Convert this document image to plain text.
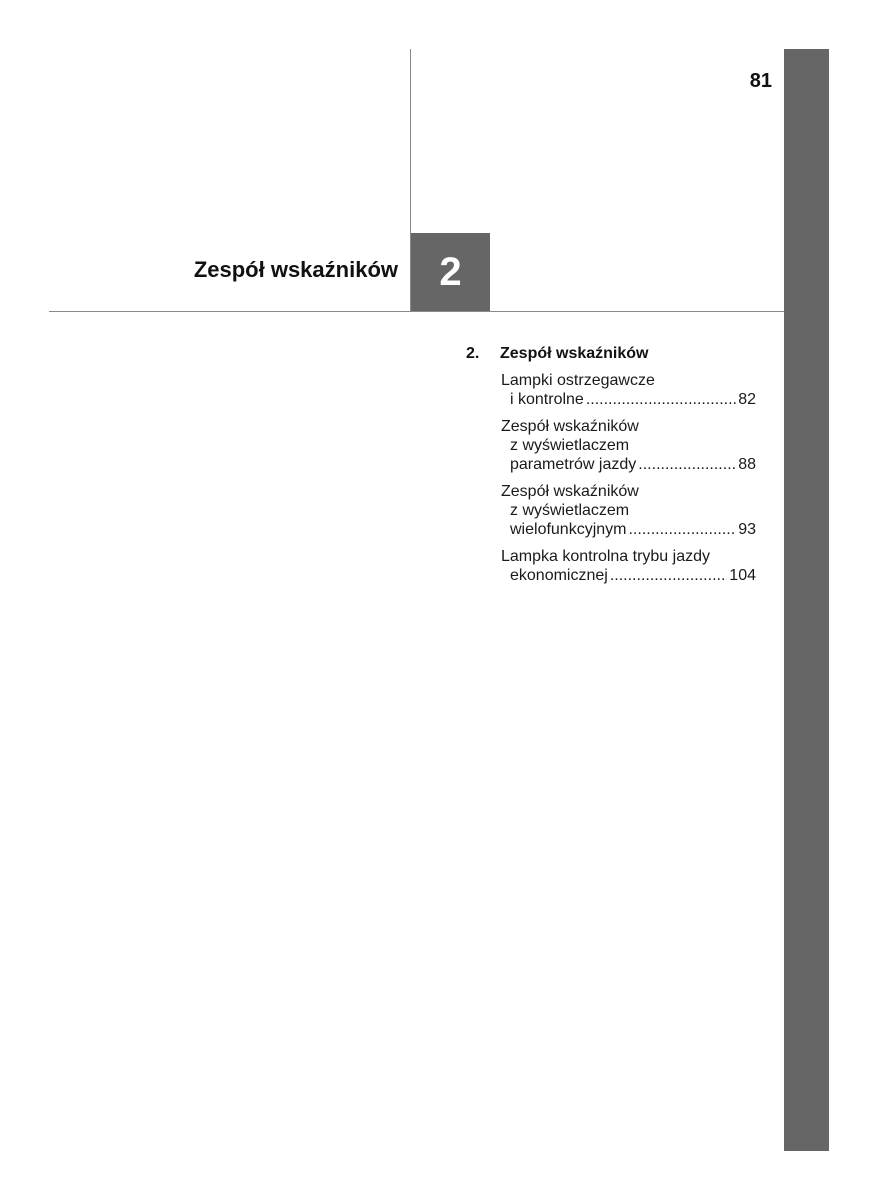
81
Zespół wskaźników 2
2. Zespół wskaźników
Lampki ostrzegawcze
i kontrolne .....	82
Zespół wskaźników
z wyświetlaczem
parametrów jazdy .....	88
Zespół wskaźników
z wyświetlaczem
wielofunkcyjnym .....	93
Lampka kontrolna trybu jazdy
ekonomicznej .....	104
